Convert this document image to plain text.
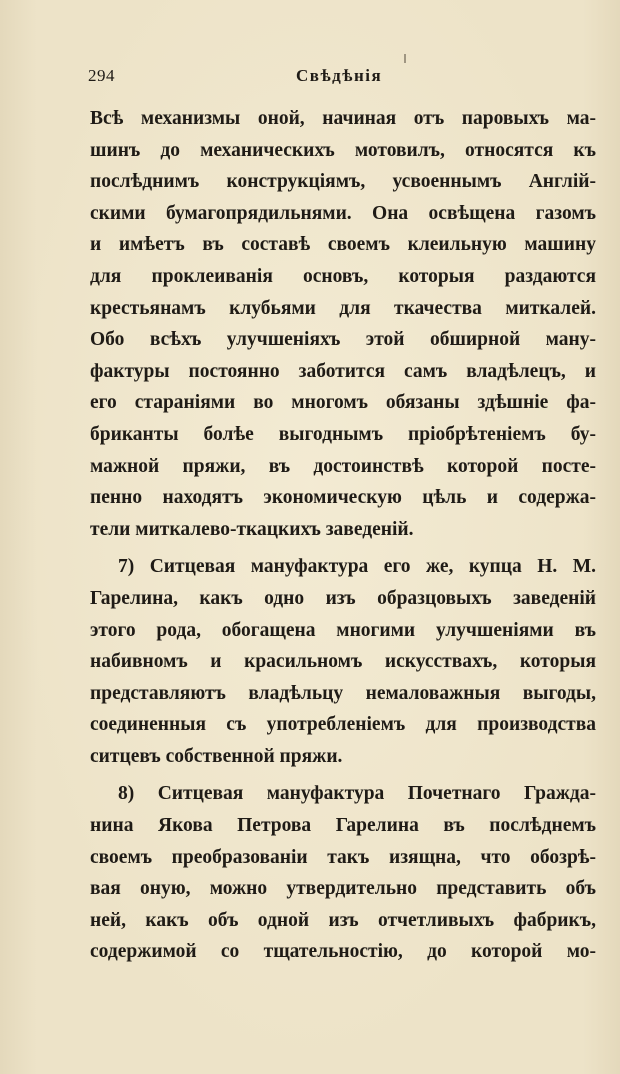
294	Свѣдѣнія
Всѣ механизмы оной, начиная отъ паровыхъ ма-
шинъ до механическихъ мотовилъ, относятся къ
послѣднимъ конструкціямъ, усвоеннымъ Англій-
скими бумагопрядильнями. Она освѣщена газомъ
и имѣетъ въ составѣ своемъ клеильную машину
для проклеиванія основъ, которыя раздаются
крестьянамъ клубьями для ткачества миткалей.
Обо всѣхъ улучшеніяхъ этой обширной ману-
фактуры постоянно заботится самъ владѣлецъ, и
его стараніями во многомъ обязаны здѣшніе фа-
бриканты болѣе выгоднымъ пріобрѣтеніемъ бу-
мажной пряжи, въ достоинствѣ которой посте-
пенно находятъ экономическую цѣль и содержа-
тели миткалево-ткацкихъ заведеній.
7) Ситцевая мануфактура его же, купца Н. М.
Гарелина, какъ одно изъ образцовыхъ заведеній
этого рода, обогащена многими улучшеніями въ
набивномъ и красильномъ искусствахъ, которыя
представляютъ владѣльцу немаловажныя выгоды,
соединенныя съ употребленіемъ для производства
ситцевъ собственной пряжи.
8) Ситцевая мануфактура Почетнаго Гражда-
нина Якова Петрова Гарелина въ послѣднемъ
своемъ преобразованіи такъ изящна, что обозрѣ-
вая оную, можно утвердительно представить объ
ней, какъ объ одной изъ отчетливыхъ фабрикъ,
содержимой со тщательностію, до которой мо-
